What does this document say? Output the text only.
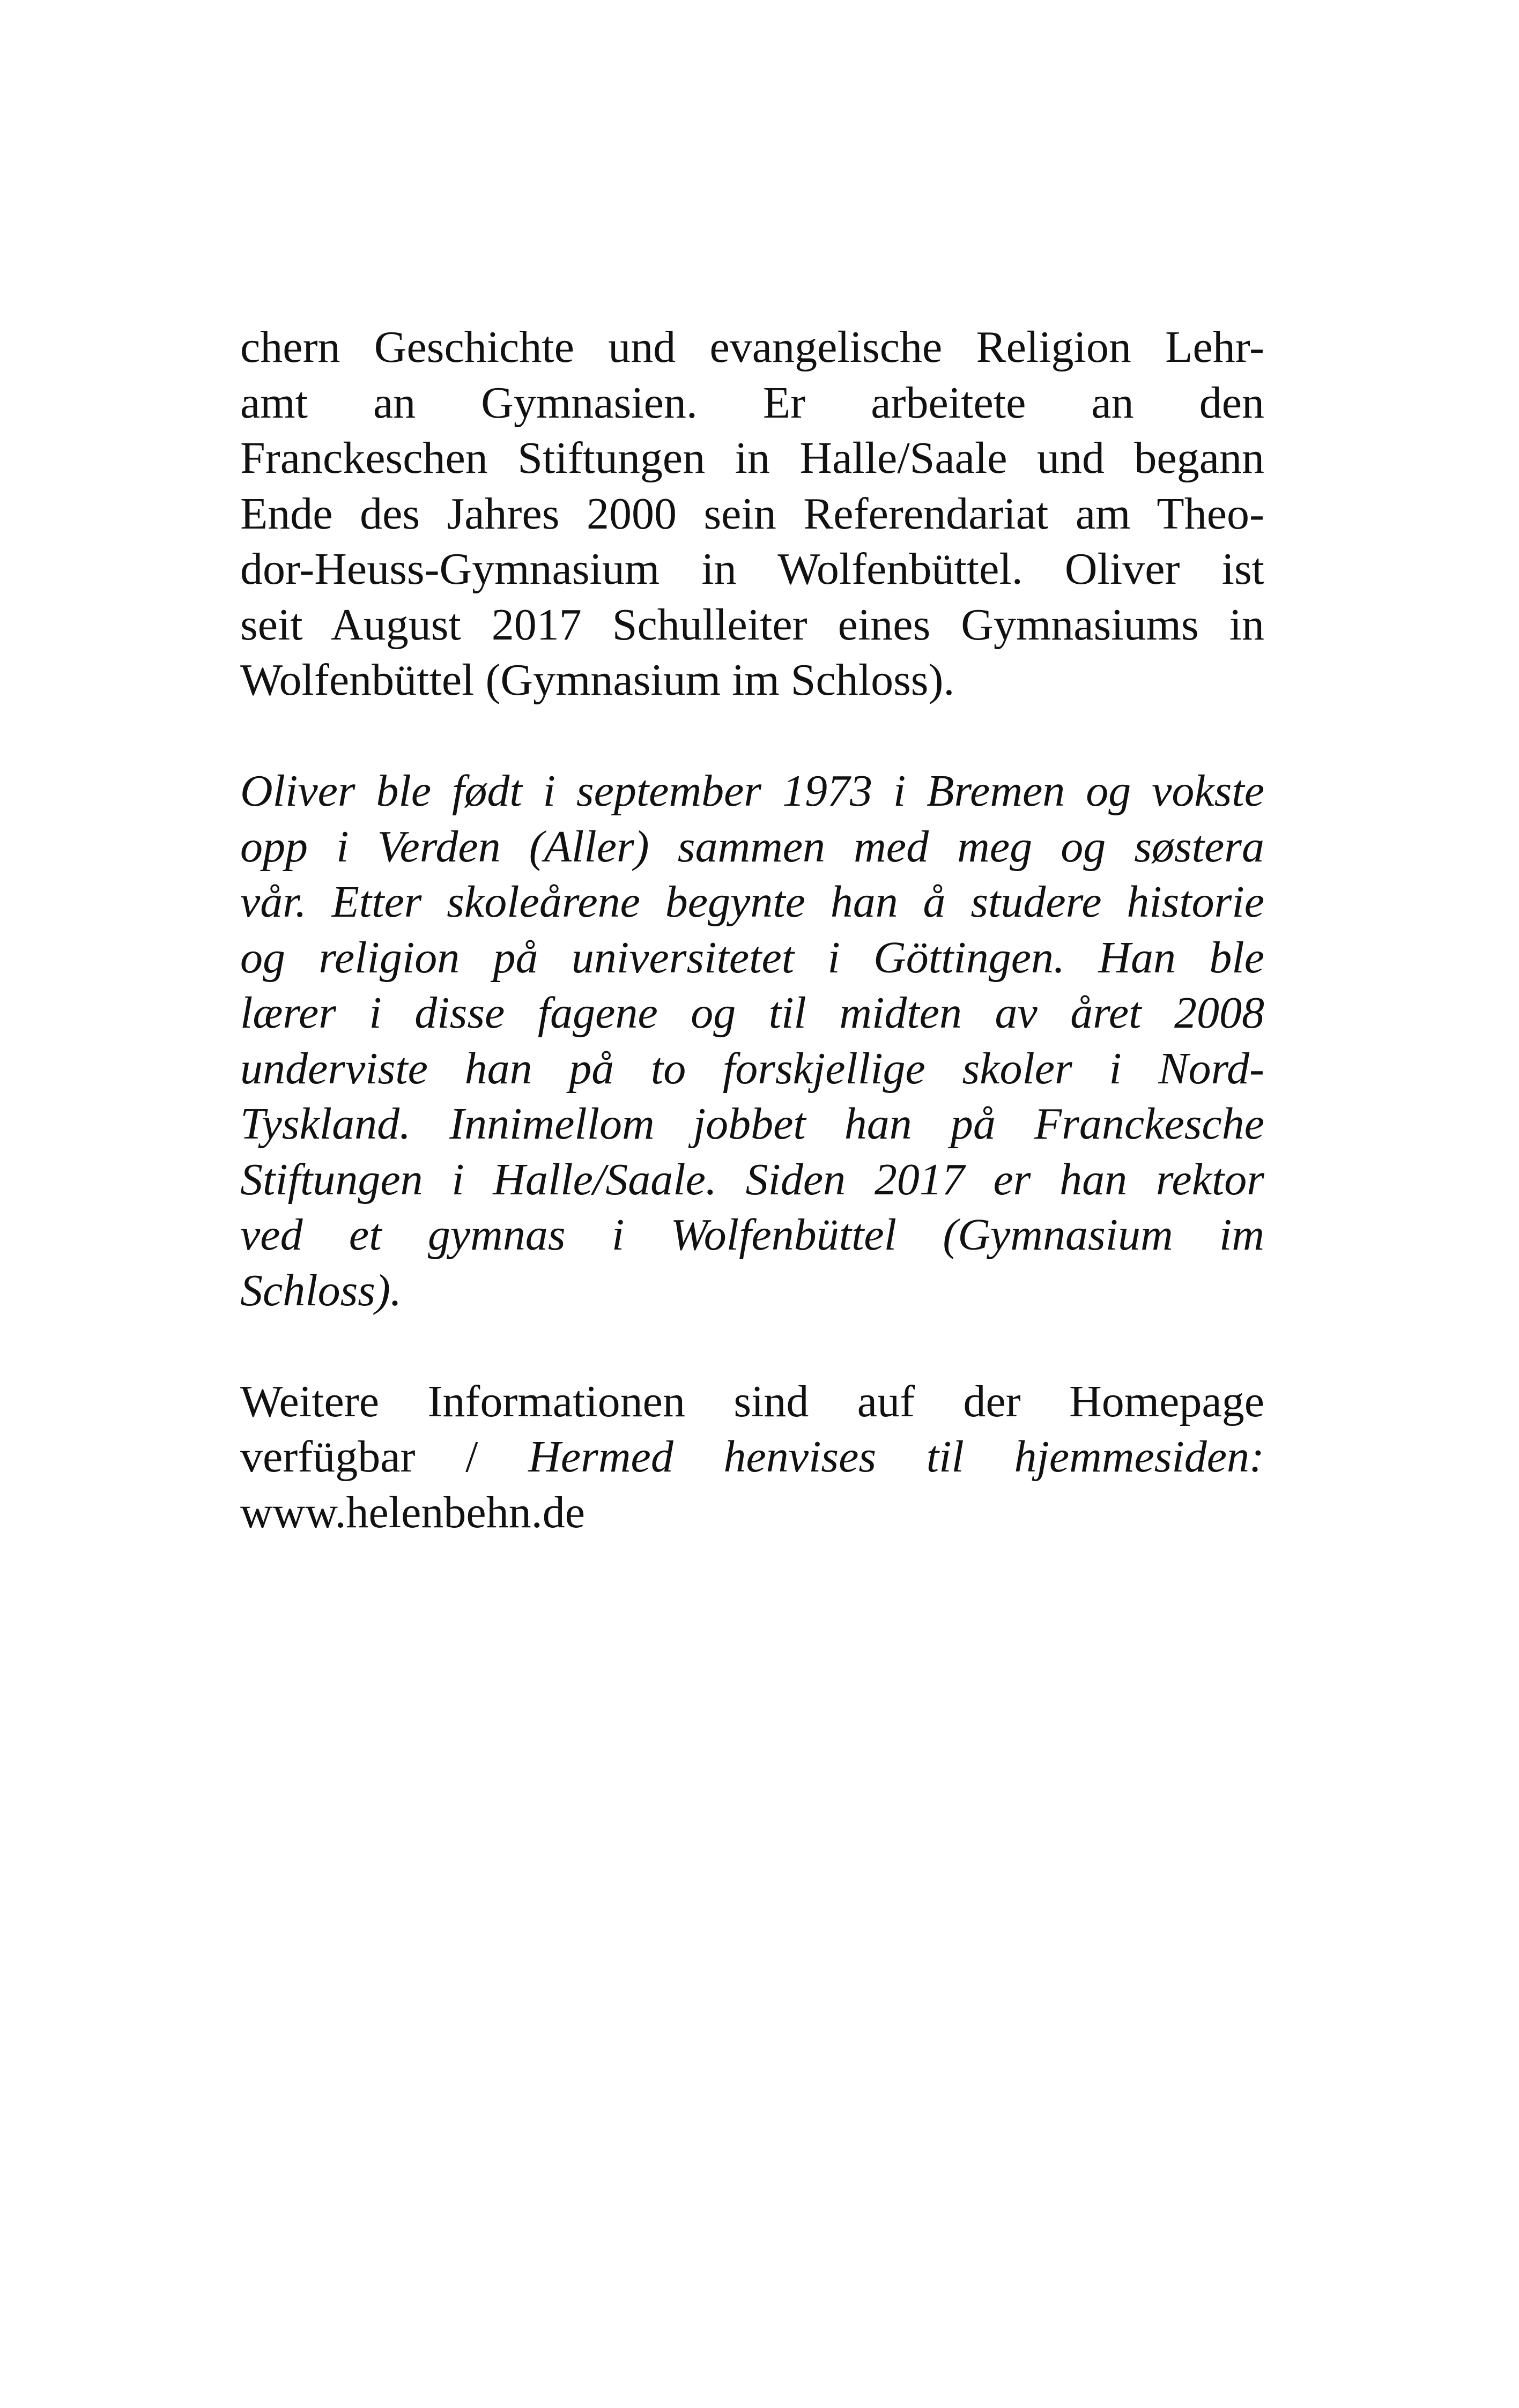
chern Geschichte und evangelische Religion Lehr-
amt an Gymnasien. Er arbeitete an den
Franckeschen Stiftungen in Halle/Saale und begann
Ende des Jahres 2000 sein Referendariat am Theo-
dor-Heuss-Gymnasium in Wolfenbüttel. Oliver ist
seit August 2017 Schulleiter eines Gymnasiums in
Wolfenbüttel (Gymnasium im Schloss).
Oliver ble født i september 1973 i Bremen og vokste
opp i Verden (Aller) sammen med meg og søstera
vår. Etter skoleårene begynte han å studere historie
og religion på universitetet i Göttingen. Han ble
lærer i disse fagene og til midten av året 2008
underviste han på to forskjellige skoler i Nord-
Tyskland. Innimellom jobbet han på Franckesche
Stiftungen i Halle/Saale. Siden 2017 er han rektor
ved et gymnas i Wolfenbüttel (Gymnasium im
Schloss).
Weitere Informationen sind auf der Homepage
verfügbar / Hermed henvises til hjemmesiden:
www.helenbehn.de
